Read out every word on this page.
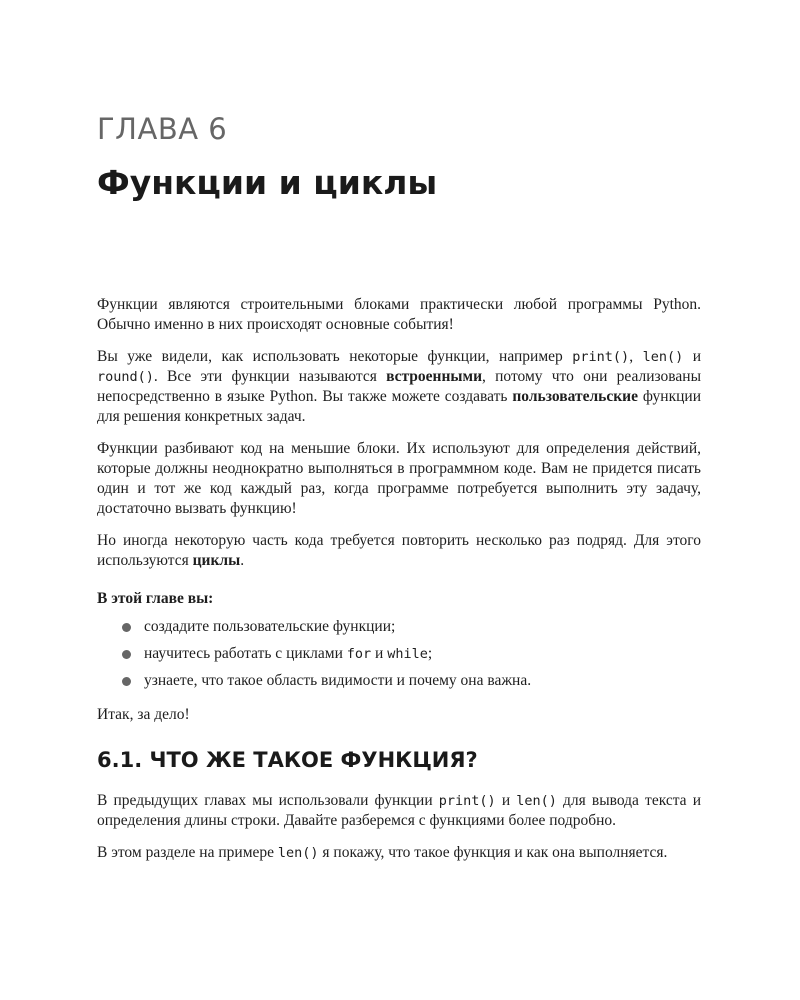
ГЛАВА 6
Функции и циклы

Функции являются строительными блоками практически любой программы Python. Обычно именно в них происходят основные события!

Вы уже видели, как использовать некоторые функции, например print(), len() и round(). Все эти функции называются встроенными, потому что они реализованы непосредственно в языке Python. Вы также можете создавать пользовательские функции для решения конкретных задач.

Функции разбивают код на меньшие блоки. Их используют для определения действий, которые должны неоднократно выполняться в программном коде. Вам не придется писать один и тот же код каждый раз, когда программе потребуется выполнить эту задачу, достаточно вызвать функцию!

Но иногда некоторую часть кода требуется повторить несколько раз подряд. Для этого используются циклы.

В этой главе вы:
создадите пользовательские функции;
научитесь работать с циклами for и while;
узнаете, что такое область видимости и почему она важна.

Итак, за дело!

6.1. ЧТО ЖЕ ТАКОЕ ФУНКЦИЯ?

В предыдущих главах мы использовали функции print() и len() для вывода текста и определения длины строки. Давайте разберемся с функциями более подробно.

В этом разделе на примере len() я покажу, что такое функция и как она выполняется.
